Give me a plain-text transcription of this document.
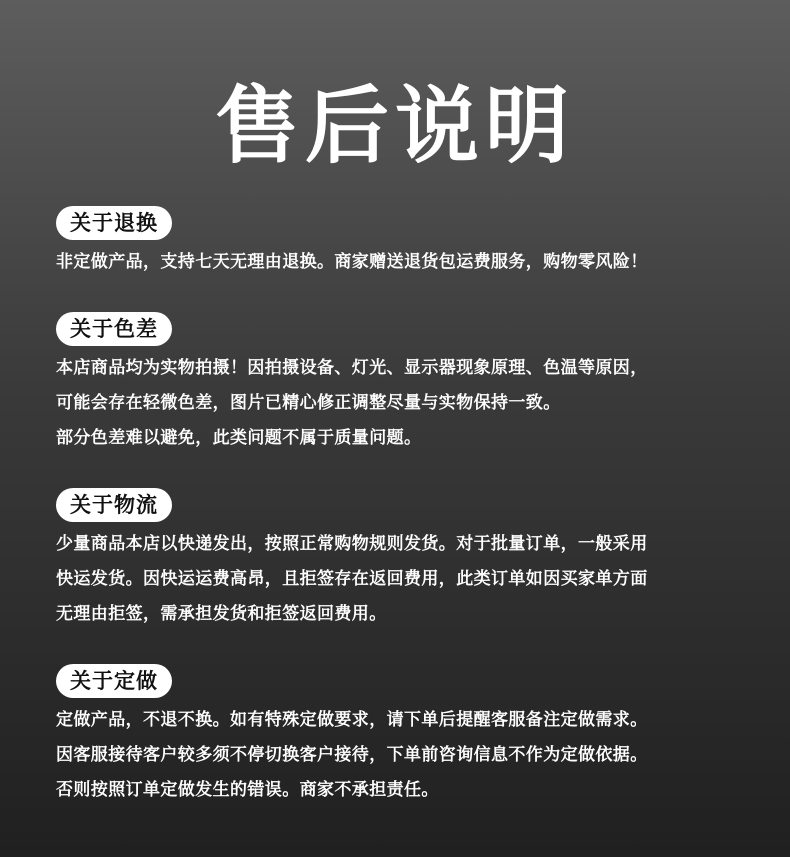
售后说明
关于退换
非定做产品，支持七天无理由退换。商家赠送退货包运费服务，购物零风险！
关于色差
本店商品均为实物拍摄！因拍摄设备、灯光、显示器现象原理、色温等原因，
可能会存在轻微色差，图片已精心修正调整尽量与实物保持一致。
部分色差难以避免，此类问题不属于质量问题。
关于物流
少量商品本店以快递发出，按照正常购物规则发货。对于批量订单，一般采用
快运发货。因快运运费高昂，且拒签存在返回费用，此类订单如因买家单方面
无理由拒签，需承担发货和拒签返回费用。
关于定做
定做产品，不退不换。如有特殊定做要求，请下单后提醒客服备注定做需求。
因客服接待客户较多须不停切换客户接待，下单前咨询信息不作为定做依据。
否则按照订单定做发生的错误。商家不承担责任。
